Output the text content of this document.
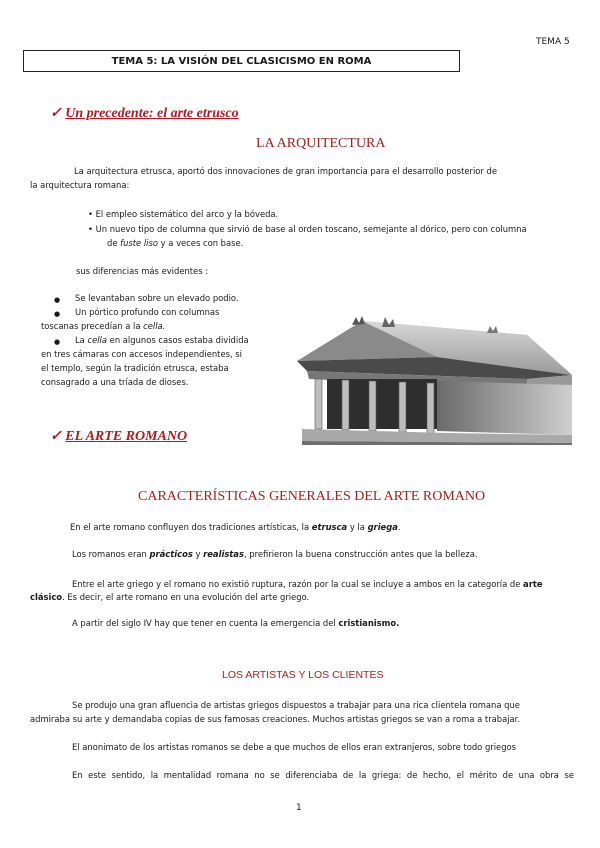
TEMA 5
TEMA 5: LA VISIÓN DEL CLASICISMO EN ROMA
✓ Un precedente: el arte etrusco
LA ARQUITECTURA
La arquitectura etrusca, aportó dos innovaciones de gran importancia para el desarrollo posterior de
la arquitectura romana:
• El empleo sistemático del arco y la bóveda.
• Un nuevo tipo de columna que sirvió de base al orden toscano, semejante al dórico, pero con columna
de fuste liso y a veces con base.
sus diferencias más evidentes :
● Se levantaban sobre un elevado podio.
● Un pórtico profundo con columnas
toscanas precedían a la cella.
● La cella en algunos casos estaba dividida
en tres cámaras con accesos independientes, si
el templo, según la tradición etrusca, estaba
consagrado a una tríada de dioses.
✓ EL ARTE ROMANO
CARACTERÍSTICAS GENERALES DEL ARTE ROMANO
En el arte romano confluyen dos tradiciones artísticas, la etrusca y la griega.
Los romanos eran prácticos y realistas, prefirieron la buena construcción antes que la belleza.
Entre el arte griego y el romano no existió ruptura, razón por la cual se incluye a ambos en la categoría de arte
clásico. Es decir, el arte romano en una evolución del arte griego.
A partir del siglo IV hay que tener en cuenta la emergencia del cristianismo.
LOS ARTISTAS Y LOS CLIENTES
Se produjo una gran afluencia de artistas griegos dispuestos a trabajar para una rica clientela romana que
admiraba su arte y demandaba copias de sus famosas creaciones. Muchos artistas griegos se van a roma a trabajar.
El anonimato de los artistas romanos se debe a que muchos de ellos eran extranjeros, sobre todo griegos
En este sentido, la mentalidad romana no se diferenciaba de la griega: de hecho, el mérito de una obra se
1
